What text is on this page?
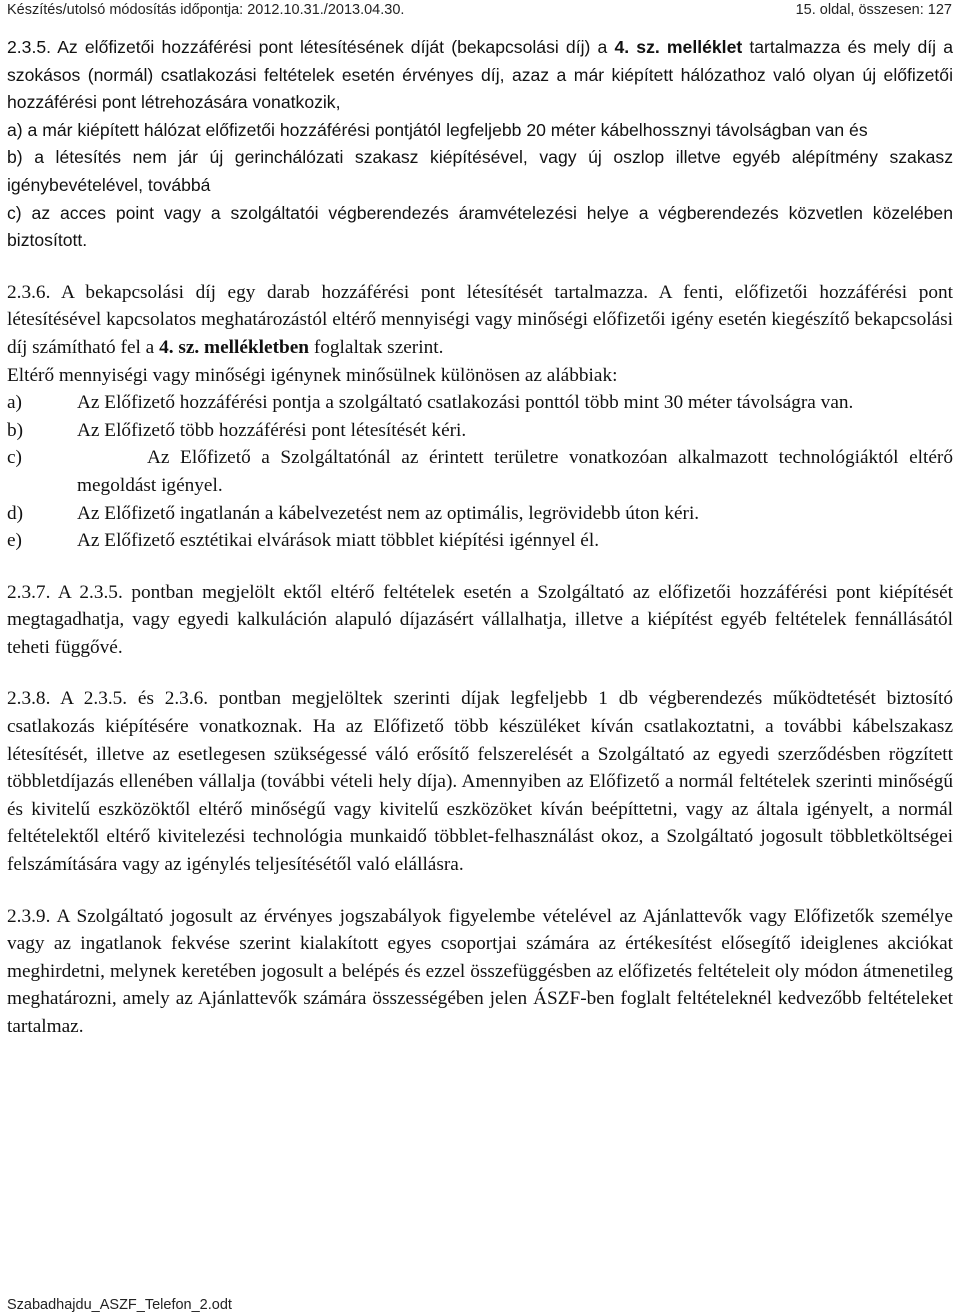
Készítés/utolsó módosítás időpontja: 2012.10.31./2013.04.30.	15. oldal, összesen: 127

2.3.5. Az előfizetői hozzáférési pont létesítésének díját (bekapcsolási díj) a 4. sz. melléklet tartalmazza és mely díj a szokásos (normál) csatlakozási feltételek esetén érvényes díj, azaz a már kiépített hálózathoz való olyan új előfizetői hozzáférési pont létrehozására vonatkozik,

a) a már kiépített hálózat előfizetői hozzáférési pontjától legfeljebb 20 méter kábelhossznyi távolságban van és

b) a létesítés nem jár új gerinchálózati szakasz kiépítésével, vagy új oszlop illetve egyéb alépítmény szakasz igénybevételével, továbbá

c) az acces point vagy a szolgáltatói végberendezés áramvételezési helye a végberendezés közvetlen közelében biztosított.

2.3.6. A bekapcsolási díj egy darab hozzáférési pont létesítését tartalmazza. A fenti, előfizetői hozzáférési pont létesítésével kapcsolatos meghatározástól eltérő mennyiségi vagy minőségi előfizetői igény esetén kiegészítő bekapcsolási díj számítható fel a 4. sz. mellékletben foglaltak szerint.

Eltérő mennyiségi vagy minőségi igénynek minősülnek különösen az alábbiak:

a)	Az Előfizető hozzáférési pontja a szolgáltató csatlakozási ponttól több mint 30 méter távolságra van.
b)	Az Előfizető több hozzáférési pont létesítését kéri.
c)	Az Előfizető a Szolgáltatónál az érintett területre vonatkozóan alkalmazott technológiáktól eltérő megoldást igényel.
d)	Az Előfizető ingatlanán a kábelvezetést nem az optimális, legrövidebb úton kéri.
e)	Az Előfizető esztétikai elvárások miatt többlet kiépítési igénnyel él.

2.3.7. A 2.3.5. pontban megjelölt ektől eltérő feltételek esetén a Szolgáltató az előfizetői hozzáférési pont kiépítését megtagadhatja, vagy egyedi kalkuláción alapuló díjazásért vállalhatja, illetve a kiépítést egyéb feltételek fennállásától teheti függővé.

2.3.8. A 2.3.5. és 2.3.6. pontban megjelöltek szerinti díjak legfeljebb 1 db végberendezés működtetését biztosító csatlakozás kiépítésére vonatkoznak. Ha az Előfizető több készüléket kíván csatlakoztatni, a további kábelszakasz létesítését, illetve az esetlegesen szükségessé váló erősítő felszerelését a Szolgáltató az egyedi szerződésben rögzített többletdíjazás ellenében vállalja (további vételi hely díja). Amennyiben az Előfizető a normál feltételek szerinti minőségű és kivitelű eszközöktől eltérő minőségű vagy kivitelű eszközöket kíván beépíttetni, vagy az általa igényelt, a normál feltételektől eltérő kivitelezési technológia munkaidő többlet-felhasználást okoz, a Szolgáltató jogosult többletköltségei felszámítására vagy az igénylés teljesítésétől való elállásra.

2.3.9. A Szolgáltató jogosult az érvényes jogszabályok figyelembe vételével az Ajánlattevők vagy Előfizetők személye vagy az ingatlanok fekvése szerint kialakított egyes csoportjai számára az értékesítést elősegítő ideiglenes akciókat meghirdetni, melynek keretében jogosult a belépés és ezzel összefüggésben az előfizetés feltételeit oly módon átmenetileg meghatározni, amely az Ajánlattevők számára összességében jelen ÁSZF-ben foglalt feltételeknél kedvezőbb feltételeket tartalmaz.

Szabadhajdu_ASZF_Telefon_2.odt
